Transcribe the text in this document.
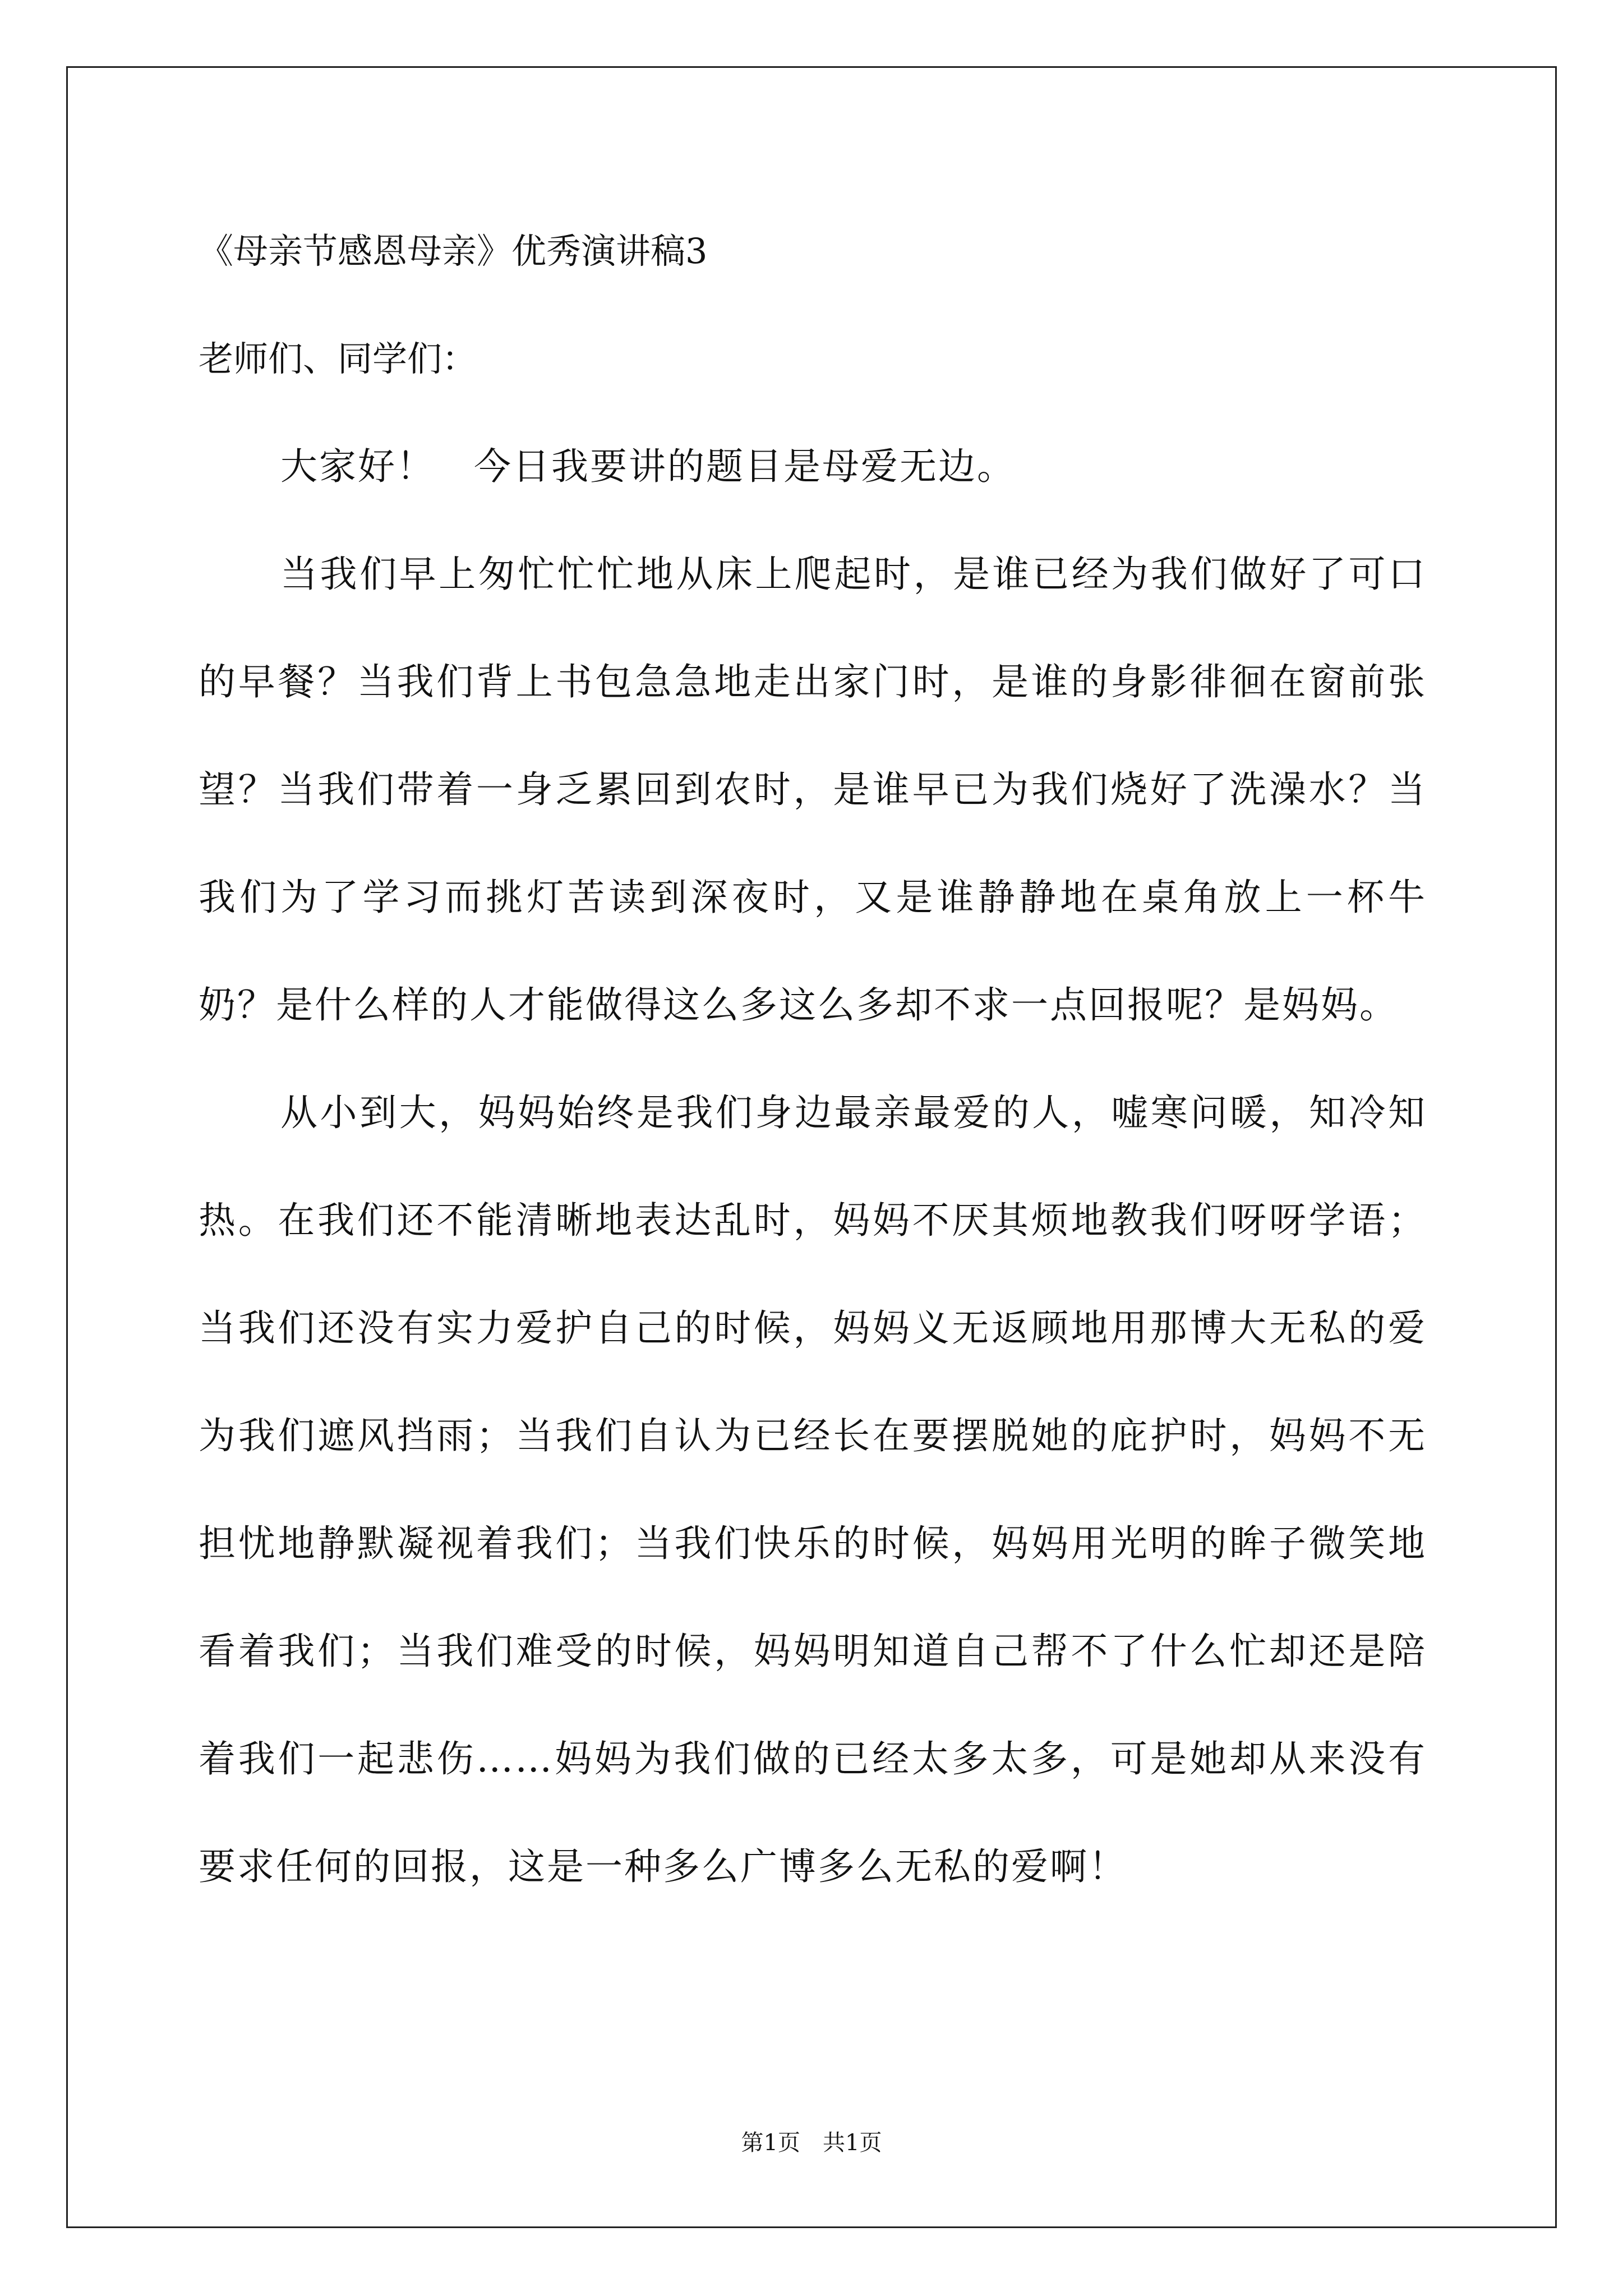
《母亲节感恩母亲》优秀演讲稿3

老师们、同学们：

大家好！　今日我要讲的题目是母爱无边。

当我们早上匆忙忙忙地从床上爬起时，是谁已经为我们做好了可口的早餐？当我们背上书包急急地走出家门时，是谁的身影徘徊在窗前张望？当我们带着一身乏累回到农时，是谁早已为我们烧好了洗澡水？当我们为了学习而挑灯苦读到深夜时，又是谁静静地在桌角放上一杯牛奶？是什么样的人才能做得这么多这么多却不求一点回报呢？是妈妈。

从小到大，妈妈始终是我们身边最亲最爱的人，嘘寒问暖，知冷知热。在我们还不能清晰地表达乱时，妈妈不厌其烦地教我们呀呀学语；当我们还没有实力爱护自己的时候，妈妈义无返顾地用那博大无私的爱为我们遮风挡雨；当我们自认为已经长在要摆脱她的庇护时，妈妈不无担忧地静默凝视着我们；当我们快乐的时候，妈妈用光明的眸子微笑地看着我们；当我们难受的时候，妈妈明知道自己帮不了什么忙却还是陪着我们一起悲伤……妈妈为我们做的已经太多太多，可是她却从来没有要求任何的回报，这是一种多么广博多么无私的爱啊！

第1页　共1页
